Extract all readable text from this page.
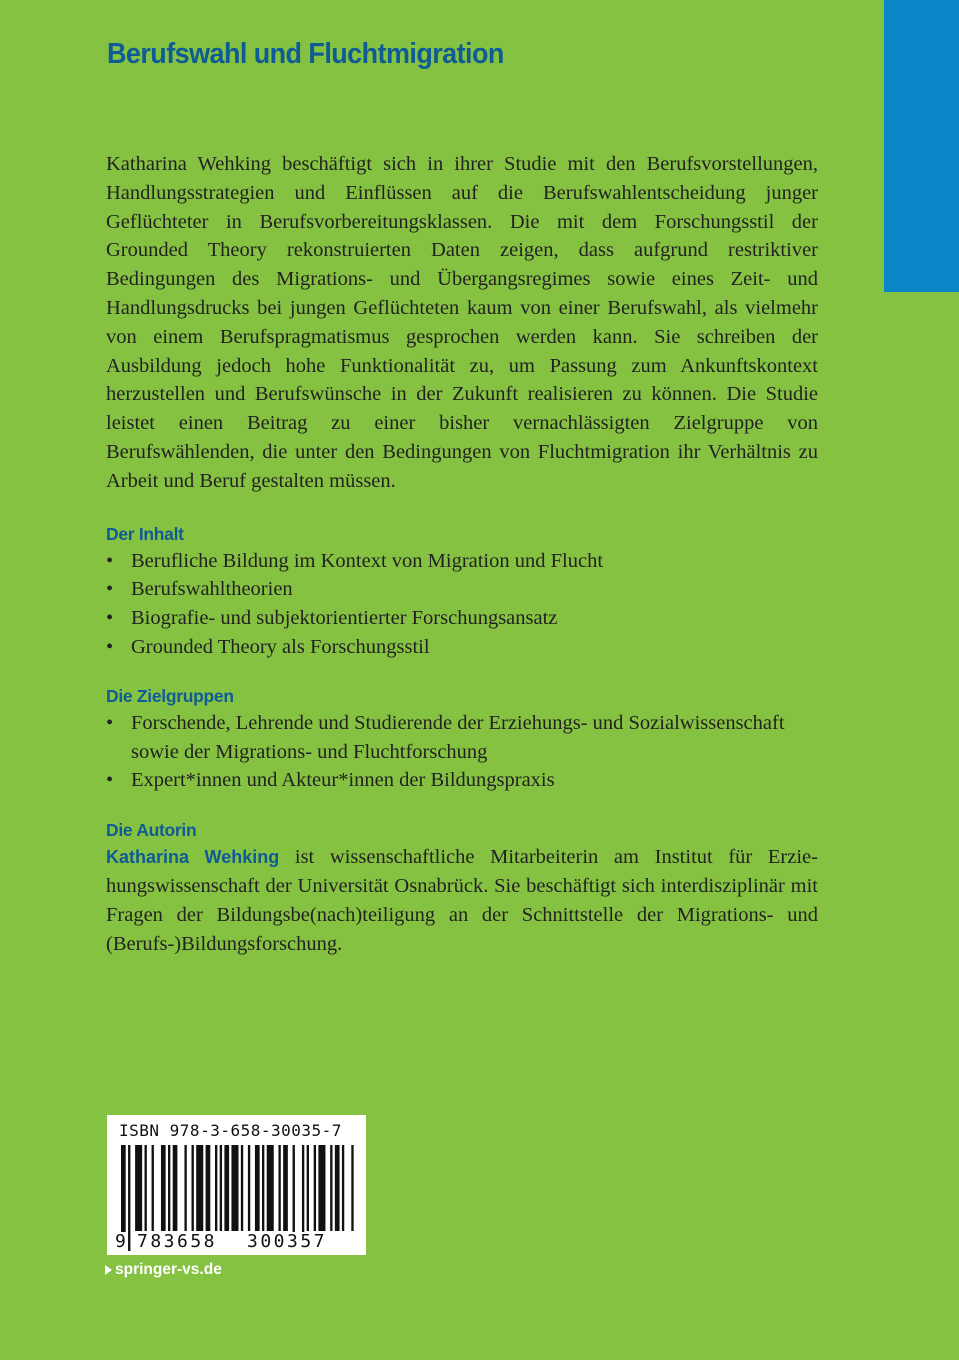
Berufswahl und Fluchtmigration

Katharina Wehking beschäftigt sich in ihrer Studie mit den Berufsvorstellungen, Handlungsstrategien und Einflüssen auf die Berufswahlentscheidung junger Geflüchteter in Berufsvorbereitungsklassen. Die mit dem Forschungsstil der Grounded Theory rekonstruierten Daten zeigen, dass aufgrund restriktiver Bedingungen des Migrations- und Übergangsregimes sowie eines Zeit- und Handlungsdrucks bei jungen Geflüchteten kaum von einer Berufswahl, als vielmehr von einem Berufspragmatismus gesprochen werden kann. Sie schreiben der Ausbildung jedoch hohe Funktionalität zu, um Passung zum Ankunftskontext herzustellen und Berufswünsche in der Zukunft realisieren zu können. Die Studie leistet einen Beitrag zu einer bisher vernachlässigten Zielgruppe von Berufswählenden, die unter den Bedingungen von Fluchtmigration ihr Verhältnis zu Arbeit und Beruf gestalten müssen.

Der Inhalt
• Berufliche Bildung im Kontext von Migration und Flucht
• Berufswahltheorien
• Biografie- und subjektorientierter Forschungsansatz
• Grounded Theory als Forschungsstil
Die Zielgruppen
• Forschende, Lehrende und Studierende der Erziehungs- und Sozialwissenschaft sowie der Migrations- und Fluchtforschung
• Expert*innen und Akteur*innen der Bildungspraxis
Die Autorin

Katharina Wehking ist wissenschaftliche Mitarbeiterin am Institut für Erziehungswissenschaft der Universität Osnabrück. Sie beschäftigt sich interdisziplinär mit Fragen der Bildungsbe(nach)teiligung an der Schnittstelle der Migrations- und (Berufs-)Bildungsforschung.

ISBN 978-3-658-30035-7
9 783658 300357
springer-vs.de
